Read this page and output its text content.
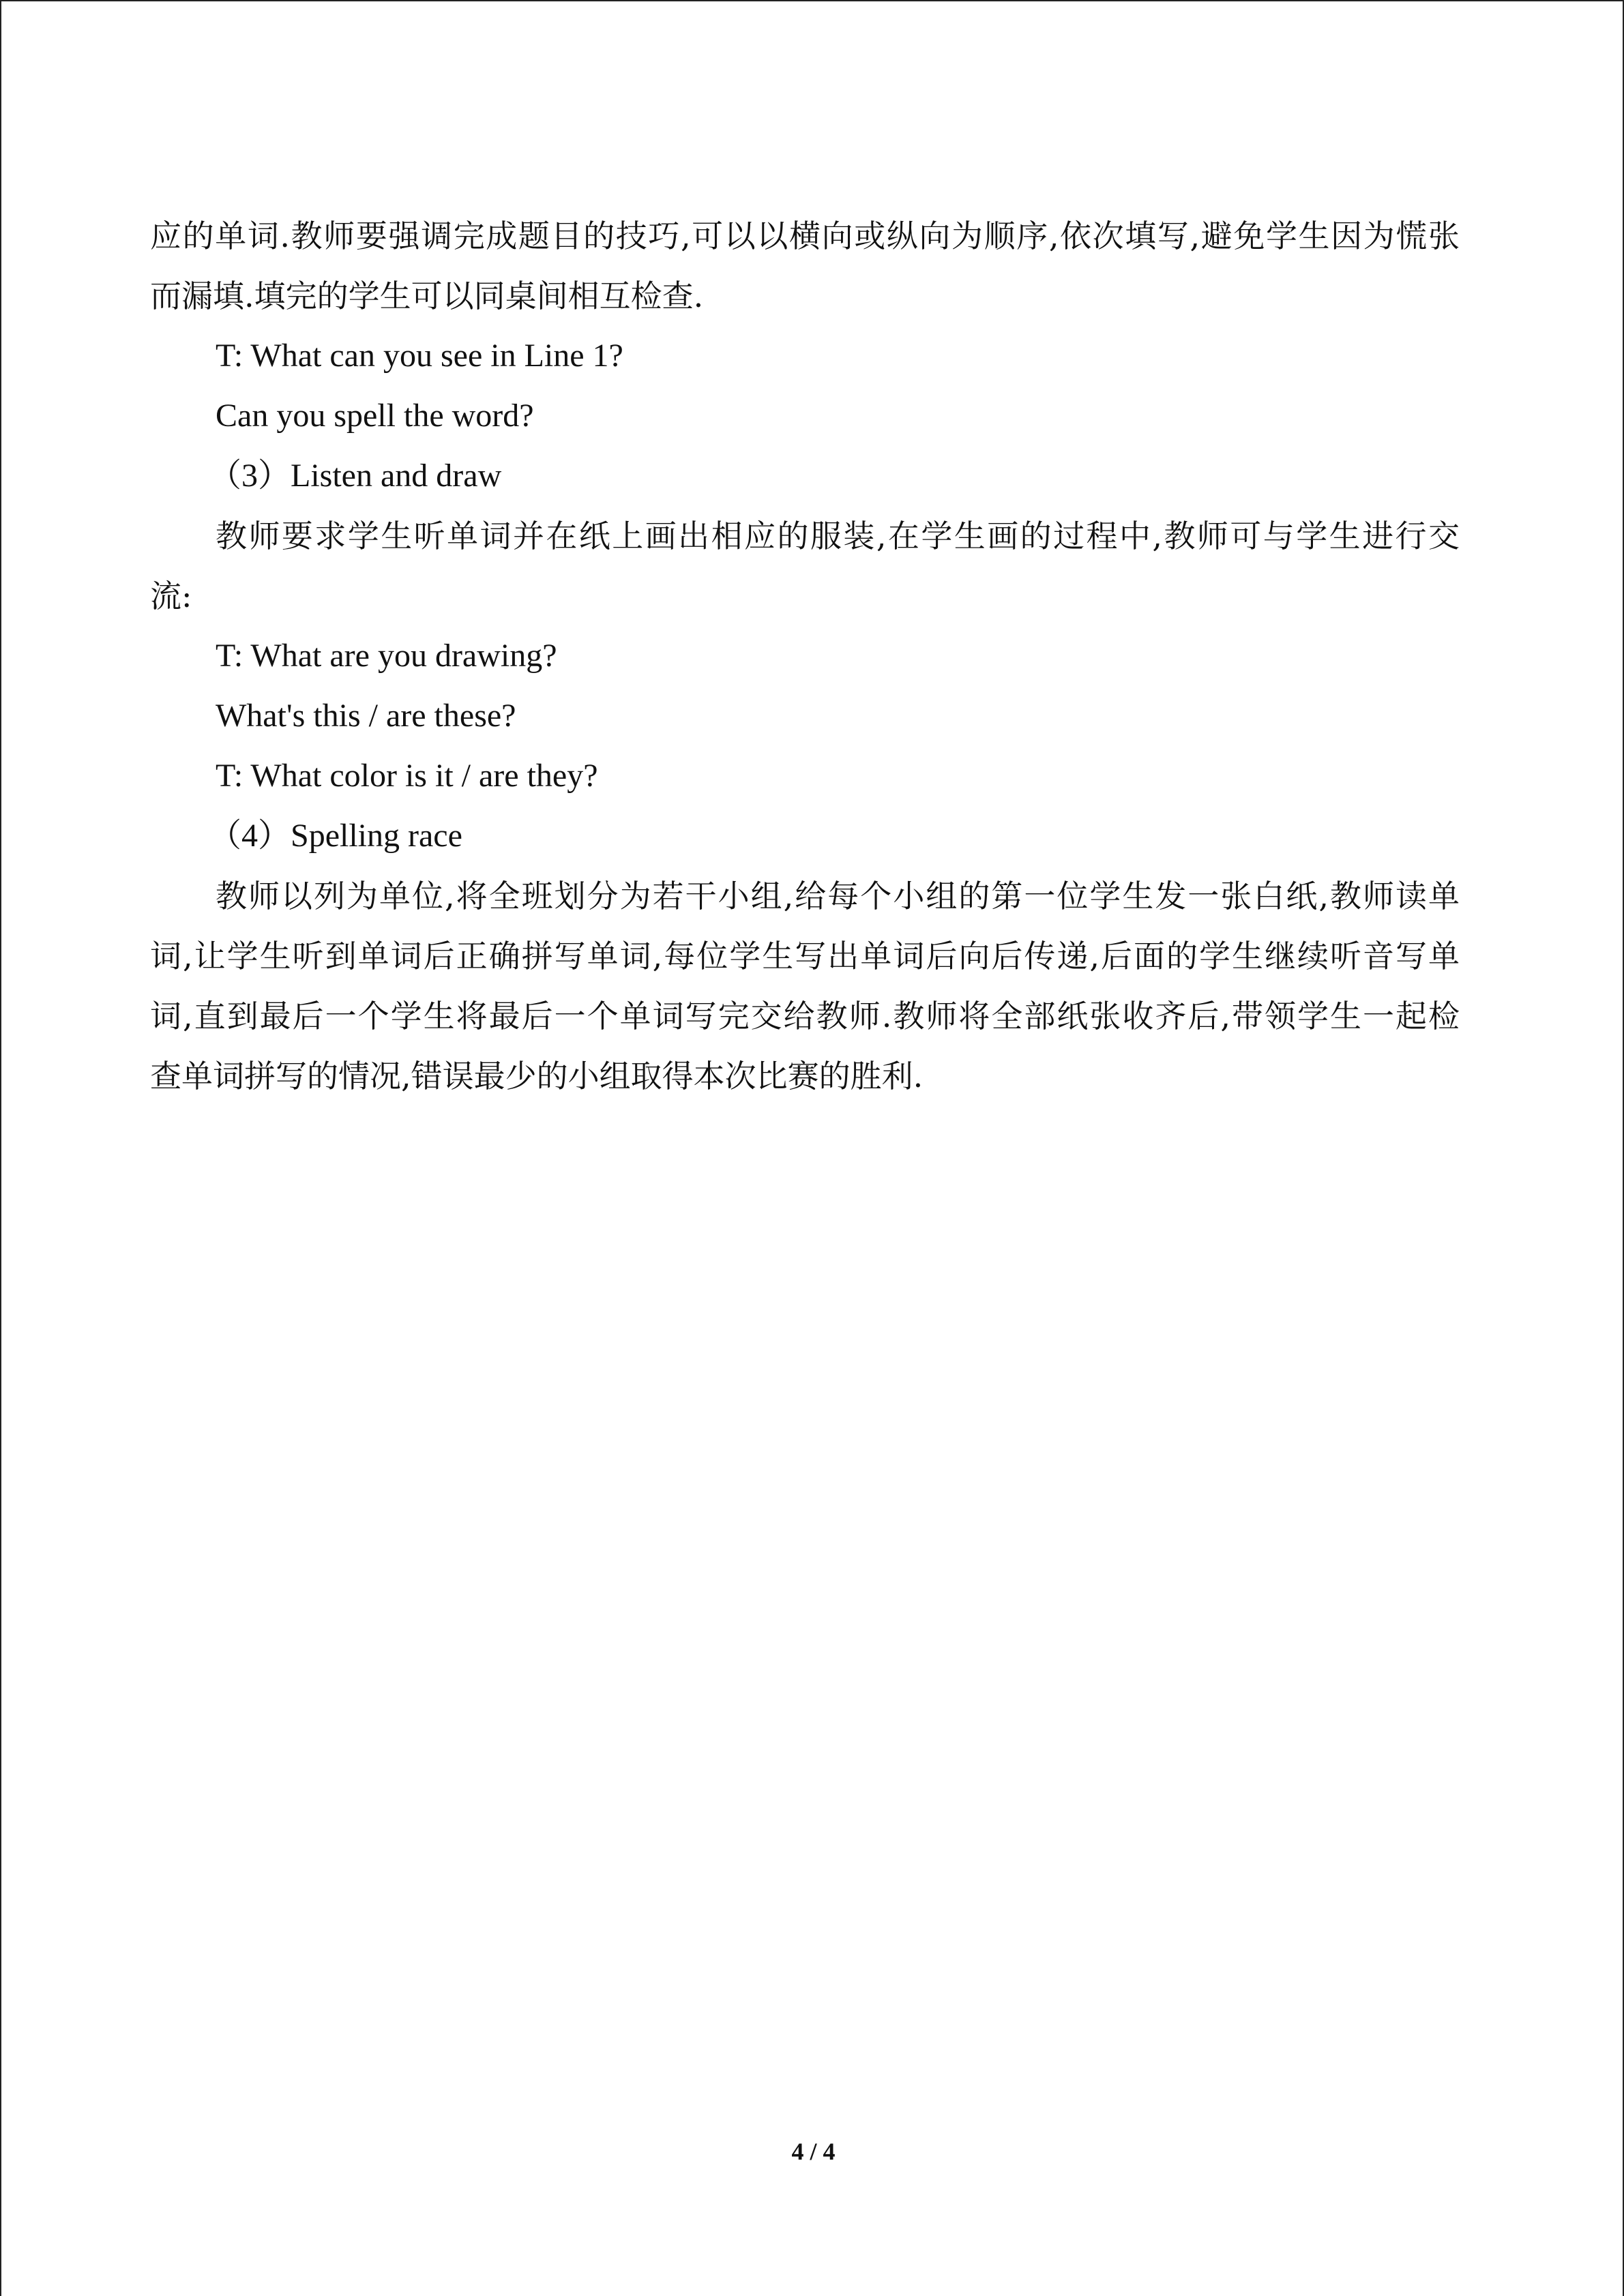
应的单词.教师要强调完成题目的技巧,可以以横向或纵向为顺序,依次填写,避免学生因为慌张
而漏填.填完的学生可以同桌间相互检查.
T: What can you see in Line 1?
Can you spell the word?
（3）Listen and draw
教师要求学生听单词并在纸上画出相应的服装,在学生画的过程中,教师可与学生进行交
流:
T: What are you drawing?
What's this / are these?
T: What color is it / are they?
（4）Spelling race
教师以列为单位,将全班划分为若干小组,给每个小组的第一位学生发一张白纸,教师读单
词,让学生听到单词后正确拼写单词,每位学生写出单词后向后传递,后面的学生继续听音写单
词,直到最后一个学生将最后一个单词写完交给教师.教师将全部纸张收齐后,带领学生一起检
查单词拼写的情况,错误最少的小组取得本次比赛的胜利.
4 / 4
